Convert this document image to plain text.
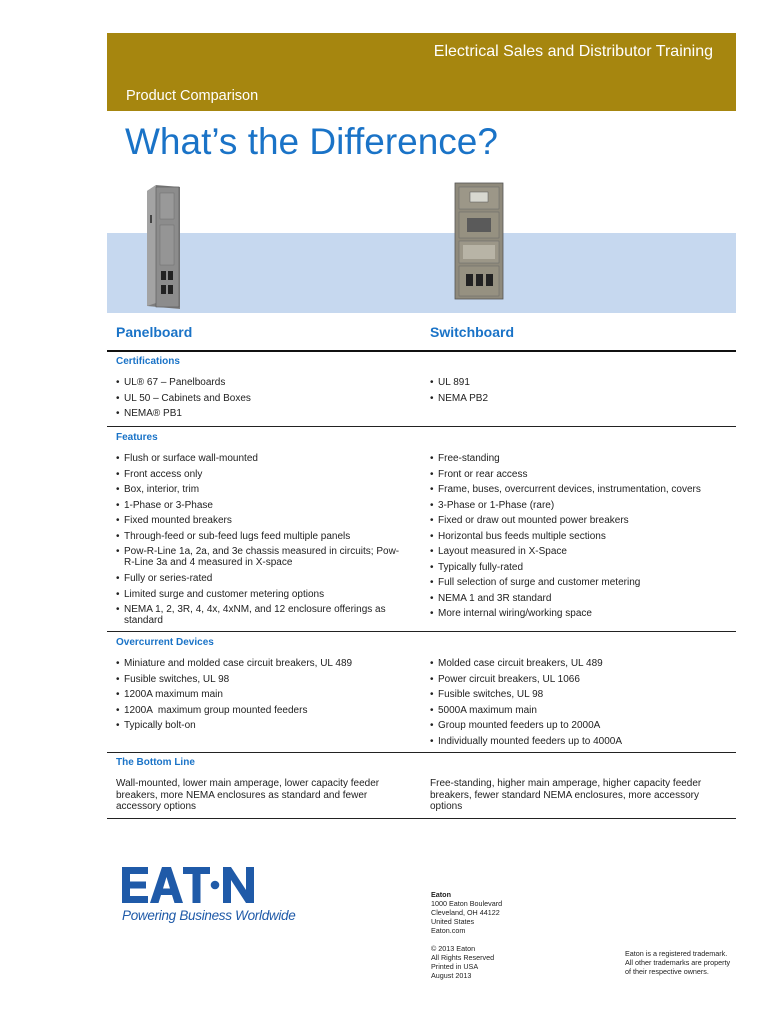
Electrical Sales and Distributor Training
Product Comparison
What’s the Difference?
Panelboard	Switchboard
Certifications
• UL® 67 – Panelboards
• UL 50 – Cabinets and Boxes
• NEMA® PB1
• UL 891
• NEMA PB2
Features
• Flush or surface wall-mounted
• Front access only
• Box, interior, trim
• 1-Phase or 3-Phase
• Fixed mounted breakers
• Through-feed or sub-feed lugs feed multiple panels
• Pow-R-Line 1a, 2a, and 3e chassis measured in circuits; Pow-R-Line 3a and 4 measured in X-space
• Fully or series-rated
• Limited surge and customer metering options
• NEMA 1, 2, 3R, 4, 4x, 4xNM, and 12 enclosure offerings as standard
• Free-standing
• Front or rear access
• Frame, buses, overcurrent devices, instrumentation, covers
• 3-Phase or 1-Phase (rare)
• Fixed or draw out mounted power breakers
• Horizontal bus feeds multiple sections
• Layout measured in X-Space
• Typically fully-rated
• Full selection of surge and customer metering
• NEMA 1 and 3R standard
• More internal wiring/working space
Overcurrent Devices
• Miniature and molded case circuit breakers, UL 489
• Fusible switches, UL 98
• 1200A maximum main
• 1200A  maximum group mounted feeders
• Typically bolt-on
• Molded case circuit breakers, UL 489
• Power circuit breakers, UL 1066
• Fusible switches, UL 98
• 5000A maximum main
• Group mounted feeders up to 2000A
• Individually mounted feeders up to 4000A
The Bottom Line
Wall-mounted, lower main amperage, lower capacity feeder breakers, more NEMA enclosures as standard and fewer accessory options
Free-standing, higher main amperage, higher capacity feeder breakers, fewer standard NEMA enclosures, more accessory options
Powering Business Worldwide
Eaton
1000 Eaton Boulevard
Cleveland, OH 44122
United States
Eaton.com
© 2013 Eaton
All Rights Reserved
Printed in USA
August 2013
Eaton is a registered trademark.
All other trademarks are property
of their respective owners.
